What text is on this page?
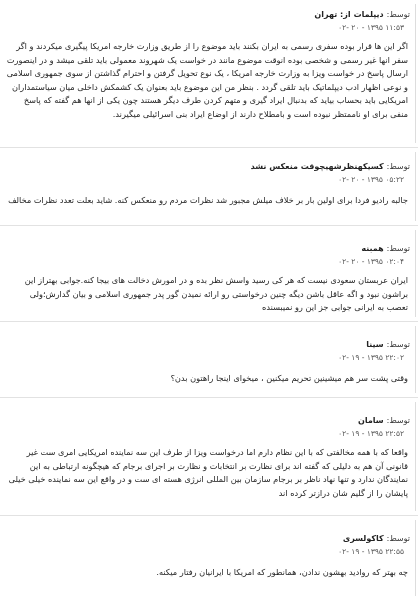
توسط:
دیپلمات
از: تهران
۱۱:۵۳ ۱۳۹۵ - ۲۰ -۰۲
اگر این ها قرار بوده سفری رسمی به ایران بکنند باید موضوع را از طریق وزارت خارجه امریکا پیگیری میکردند و اگر سفر انها غیر رسمی و شخصی بوده انوقت موضوع مانند در خواست یک شهروند معمولی باید تلقی میشد و در اینصورت ارسال پاسخ در خواست ویزا به وزارت خارجه امریکا ، یک نوع تحویل گرفتن و احترام گذاشتن از سوی جمهوری اسلامی و نوعی اظهار ادب دیپلماتیک باید تلقی گردد . بنظر من این موضوع باید بعنوان یک کشمکش داخلی میان سیاستمداران امریکایی باید بحساب بیاید که بدنبال ایراد گیری و متهم کردن طرف دیگر هستند چون یکی از انها هم گفته که پاسخ منفی برای او ناممتظر نبوده است و بامطلاح دارند از اوضاع ایراد بنی اسرائیلی میگیرند.
توسط:
کسیکهنظرشهیچوقت منعکس نشد
۰۵:۲۲ ۱۳۹۵ - ۲۰ -۰۲
جالبه رادیو فردا برای اولین بار بر خلاف میلش مجبور شد نظرات مردم رو منعکس کنه. شاید بعلت تعدد نظرات مخالف
توسط:
همبنه
۰۲:۰۴ ۱۳۹۵ - ۲۰ -۰۲
ایران عربستان سعودی نیست که هر کی رسید واسش نظر بده و در امورش دخالت های بیجا کنه.جوابی بهتراز این براشون نبود و اگه عاقل باشن دیگه چنین درخواستی رو ارائه نمیدن گور پدر جمهوری اسلامی و بیان گدارش؛ولی تعصب به ایرانی جوابی جز این رو نمیبسنده
توسط:
سینا
۲۲:۰۲ ۱۳۹۵ - ۱۹ -۰۲
وقتی پشت سر هم میشینین تحریم میکنین ، میخوای اینجا راهتون بدن؟
توسط:
سامان
۲۲:۵۲ ۱۳۹۵ - ۱۹ -۰۲
واقعا که با همه مخالفتی که با این نظام دارم اما درخواست ویزا از طرف این سه نماینده امریکایی امری ست غیر قانونی آن هم به دلیلی که گفته اند برای نظارت بر انتخابات و نظارت بر اجرای برجام که هیچگونه ارتباطی به این نمایندگان ندارد و تنها نهاد ناظر بر برجام سازمان بین المللی انرژی هسته ای ست و در واقع این سه نماینده خیلی خیلی پایشان را از گلیم شان درازتر کرده اند
توسط:
کاکولسری
۲۲:۵۵ ۱۳۹۵ - ۱۹ -۰۲
چه بهتر که روادید بهشون ندادن، همانطور که امریکا با ایرانیان رفتار میکنه.
